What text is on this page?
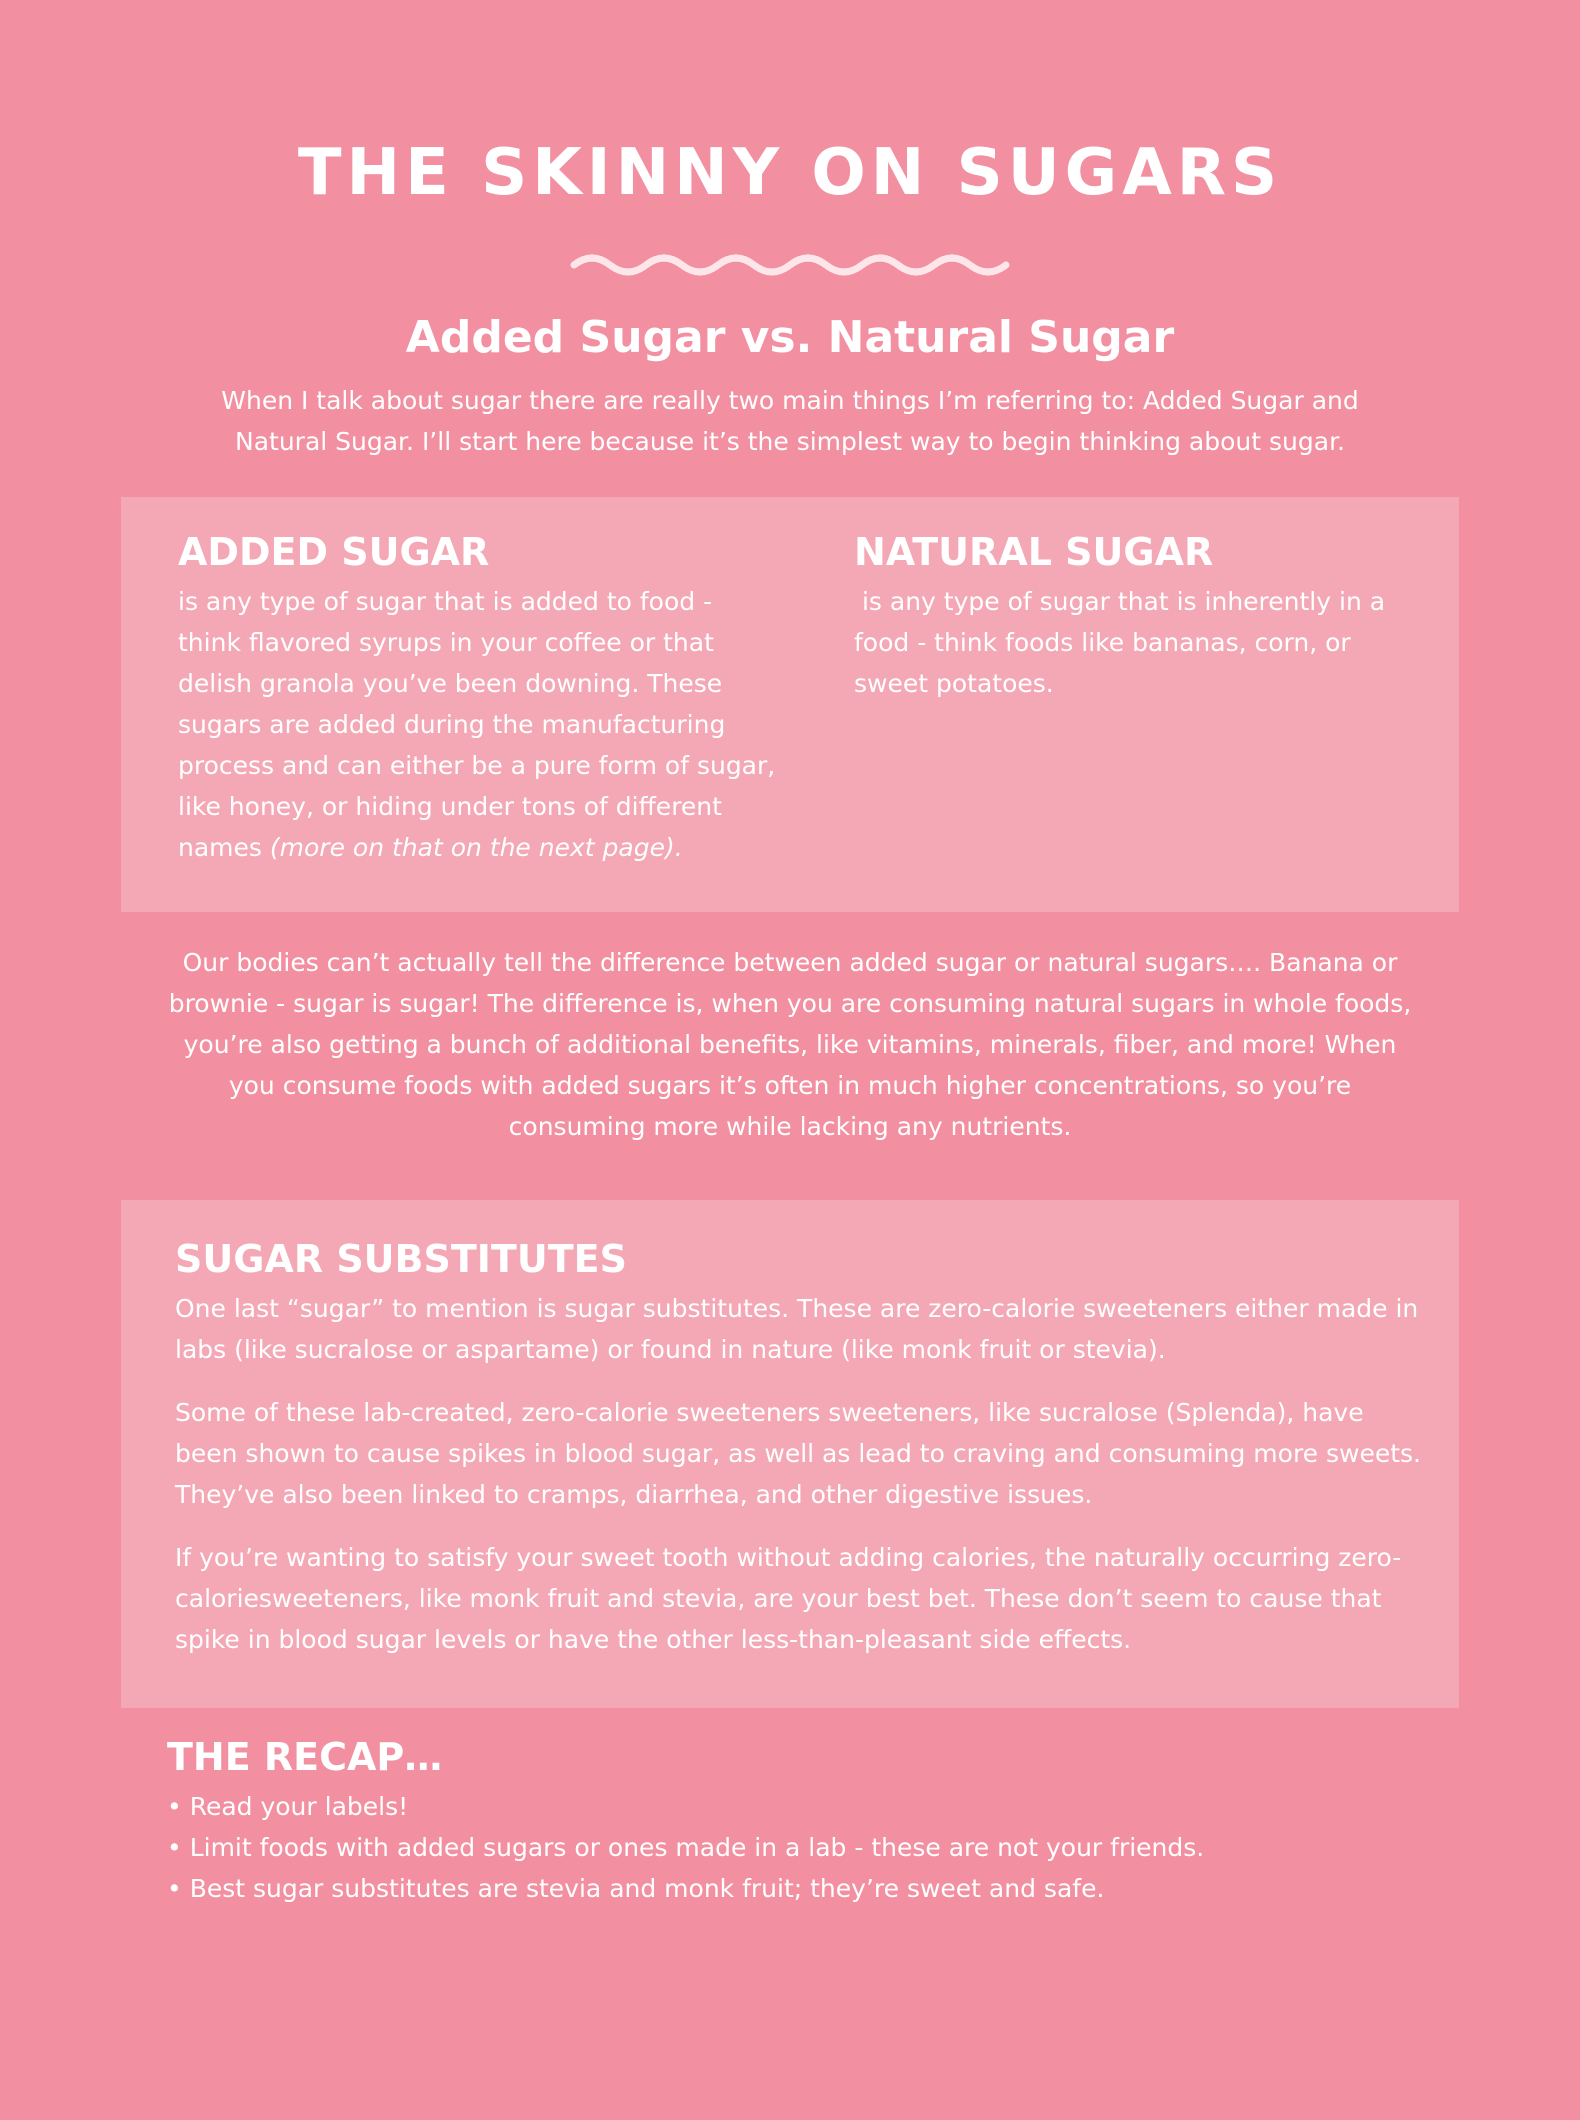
THE SKINNY ON SUGARS
Added Sugar vs. Natural Sugar

When I talk about sugar there are really two main things I’m referring to: Added Sugar and Natural Sugar. I’ll start here because it’s the simplest way to begin thinking about sugar.

ADDED SUGAR

is any type of sugar that is added to food - think flavored syrups in your coffee or that delish granola you’ve been downing. These sugars are added during the manufacturing process and can either be a pure form of sugar, like honey, or hiding under tons of different names (more on that on the next page).

NATURAL SUGAR

is any type of sugar that is inherently in a food - think foods like bananas, corn, or sweet potatoes.

Our bodies can’t actually tell the difference between added sugar or natural sugars…. Banana or brownie - sugar is sugar! The difference is, when you are consuming natural sugars in whole foods, you’re also getting a bunch of additional benefits, like vitamins, minerals, fiber, and more! When you consume foods with added sugars it’s often in much higher concentrations, so you’re consuming more while lacking any nutrients.

SUGAR SUBSTITUTES

One last “sugar” to mention is sugar substitutes. These are zero-calorie sweeteners either made in labs (like sucralose or aspartame) or found in nature (like monk fruit or stevia).

Some of these lab-created, zero-calorie sweeteners sweeteners, like sucralose (Splenda), have been shown to cause spikes in blood sugar, as well as lead to craving and consuming more sweets. They’ve also been linked to cramps, diarrhea, and other digestive issues.

If you’re wanting to satisfy your sweet tooth without adding calories, the naturally occurring zero-caloriesweeteners, like monk fruit and stevia, are your best bet. These don’t seem to cause that spike in blood sugar levels or have the other less-than-pleasant side effects.

THE RECAP…
• Read your labels!
• Limit foods with added sugars or ones made in a lab - these are not your friends.
• Best sugar substitutes are stevia and monk fruit; they’re sweet and safe.
